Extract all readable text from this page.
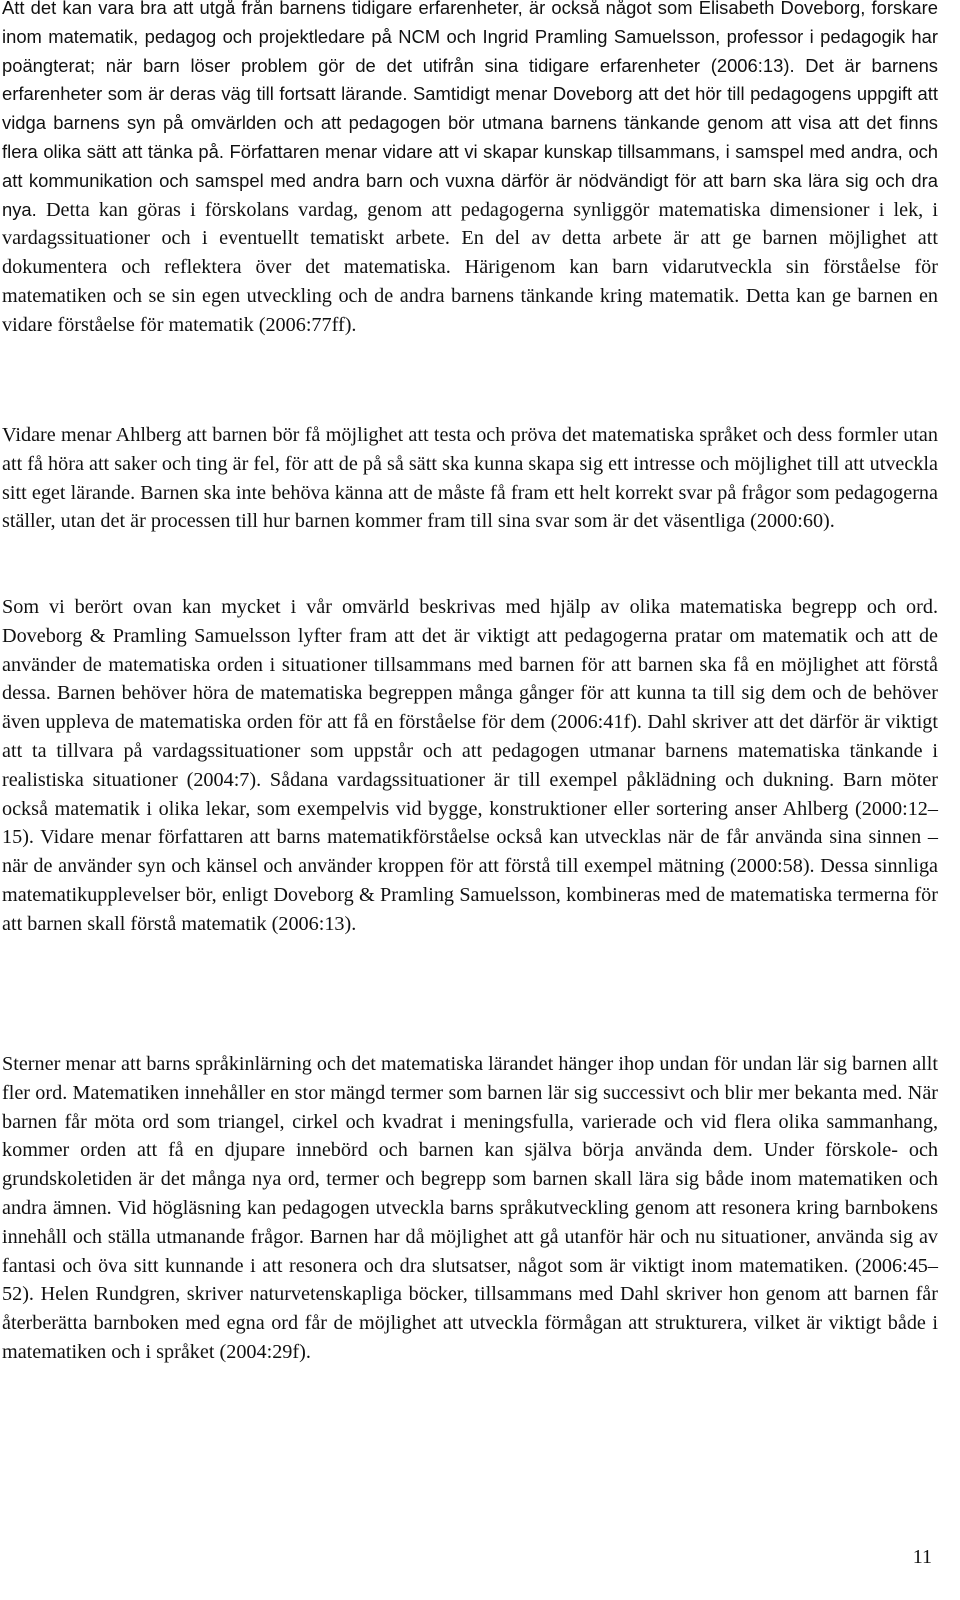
Att det kan vara bra att utgå från barnens tidigare erfarenheter, är också något som Elisabeth Doveborg, forskare inom matematik, pedagog och projektledare på NCM och Ingrid Pramling Samuelsson, professor i pedagogik har poängterat; när barn löser problem gör de det utifrån sina tidigare erfarenheter (2006:13). Det är barnens erfarenheter som är deras väg till fortsatt lärande. Samtidigt menar Doveborg att det hör till pedagogens uppgift att vidga barnens syn på omvärlden och att pedagogen bör utmana barnens tänkande genom att visa att det finns flera olika sätt att tänka på. Författaren menar vidare att vi skapar kunskap tillsammans, i samspel med andra, och att kommunikation och samspel med andra barn och vuxna därför är nödvändigt för att barn ska lära sig och dra nya. Detta kan göras i förskolans vardag, genom att pedagogerna synliggör matematiska dimensioner i lek, i vardagssituationer och i eventuellt tematiskt arbete. En del av detta arbete är att ge barnen möjlighet att dokumentera och reflektera över det matematiska. Härigenom kan barn vidarutveckla sin förståelse för matematiken och se sin egen utveckling och de andra barnens tänkande kring matematik. Detta kan ge barnen en vidare förståelse för matematik (2006:77ff).

Vidare menar Ahlberg att barnen bör få möjlighet att testa och pröva det matematiska språket och dess formler utan att få höra att saker och ting är fel, för att de på så sätt ska kunna skapa sig ett intresse och möjlighet till att utveckla sitt eget lärande. Barnen ska inte behöva känna att de måste få fram ett helt korrekt svar på frågor som pedagogerna ställer, utan det är processen till hur barnen kommer fram till sina svar som är det väsentliga (2000:60).

Som vi berört ovan kan mycket i vår omvärld beskrivas med hjälp av olika matematiska begrepp och ord. Doveborg & Pramling Samuelsson lyfter fram att det är viktigt att pedagogerna pratar om matematik och att de använder de matematiska orden i situationer tillsammans med barnen för att barnen ska få en möjlighet att förstå dessa. Barnen behöver höra de matematiska begreppen många gånger för att kunna ta till sig dem och de behöver även uppleva de matematiska orden för att få en förståelse för dem (2006:41f). Dahl skriver att det därför är viktigt att ta tillvara på vardagssituationer som uppstår och att pedagogen utmanar barnens matematiska tänkande i realistiska situationer (2004:7). Sådana vardagssituationer är till exempel påklädning och dukning. Barn möter också matematik i olika lekar, som exempelvis vid bygge, konstruktioner eller sortering anser Ahlberg (2000:12–15). Vidare menar författaren att barns matematikförståelse också kan utvecklas när de får använda sina sinnen – när de använder syn och känsel och använder kroppen för att förstå till exempel mätning (2000:58). Dessa sinnliga matematikupplevelser bör, enligt Doveborg & Pramling Samuelsson, kombineras med de matematiska termerna för att barnen skall förstå matematik (2006:13).

Sterner menar att barns språkinlärning och det matematiska lärandet hänger ihop undan för undan lär sig barnen allt fler ord. Matematiken innehåller en stor mängd termer som barnen lär sig successivt och blir mer bekanta med. När barnen får möta ord som triangel, cirkel och kvadrat i meningsfulla, varierade och vid flera olika sammanhang, kommer orden att få en djupare innebörd och barnen kan själva börja använda dem. Under förskole- och grundskoletiden är det många nya ord, termer och begrepp som barnen skall lära sig både inom matematiken och andra ämnen. Vid högläsning kan pedagogen utveckla barns språkutveckling genom att resonera kring barnbokens innehåll och ställa utmanande frågor. Barnen har då möjlighet att gå utanför här och nu situationer, använda sig av fantasi och öva sitt kunnande i att resonera och dra slutsatser, något som är viktigt inom matematiken. (2006:45–52). Helen Rundgren, skriver naturvetenskapliga böcker, tillsammans med Dahl skriver hon genom att barnen får återberätta barnboken med egna ord får de möjlighet att utveckla förmågan att strukturera, vilket är viktigt både i matematiken och i språket (2004:29f).

11
